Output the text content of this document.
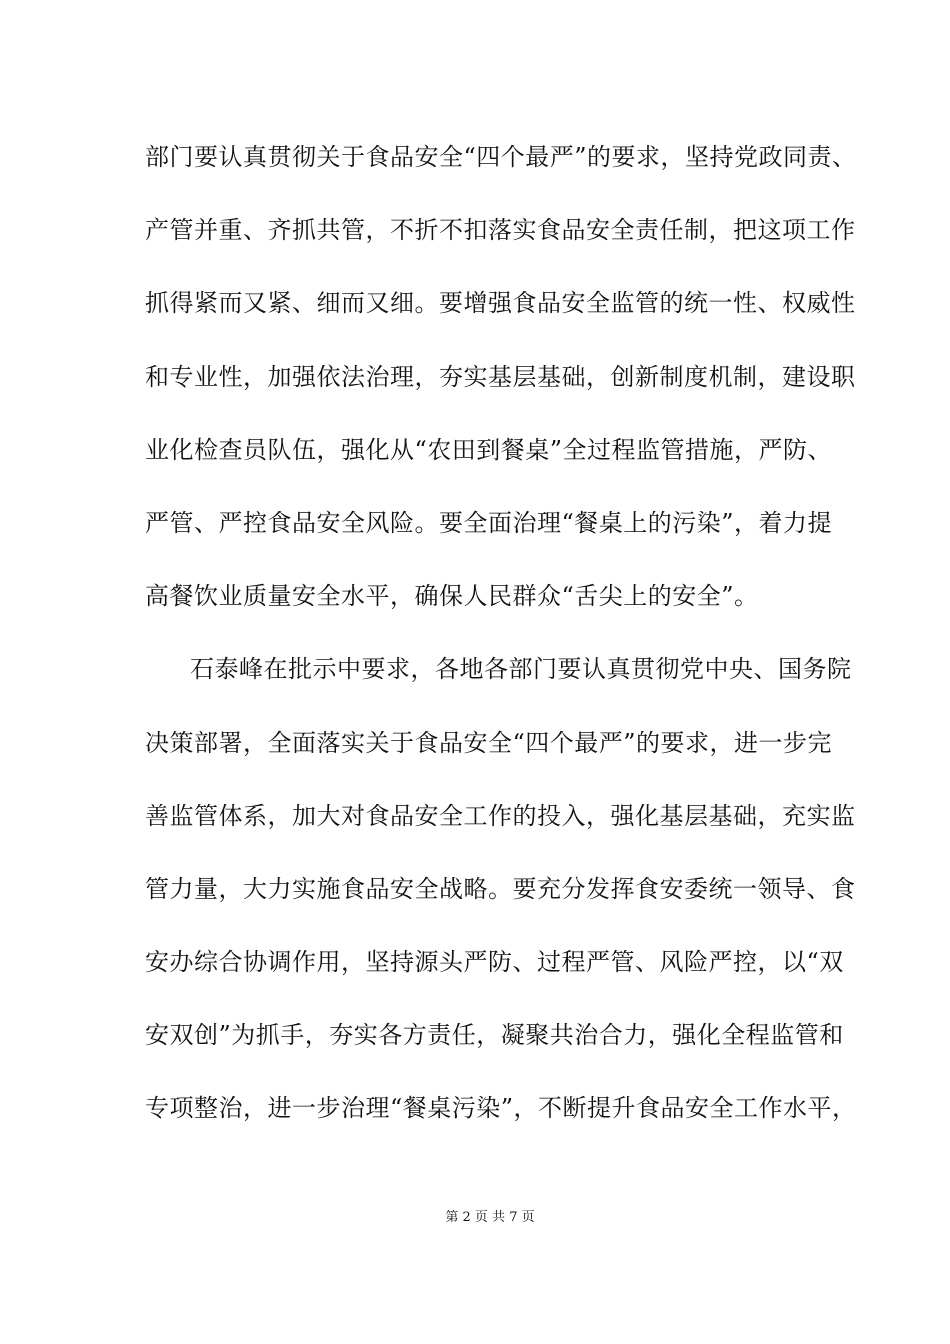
部门要认真贯彻关于食品安全“四个最严”的要求，坚持党政同责、
产管并重、齐抓共管，不折不扣落实食品安全责任制，把这项工作
抓得紧而又紧、细而又细。要增强食品安全监管的统一性、权威性
和专业性，加强依法治理，夯实基层基础，创新制度机制，建设职
业化检查员队伍，强化从“农田到餐桌”全过程监管措施，严防、
严管、严控食品安全风险。要全面治理“餐桌上的污染”，着力提
高餐饮业质量安全水平，确保人民群众“舌尖上的安全”。
石泰峰在批示中要求，各地各部门要认真贯彻党中央、国务院
决策部署，全面落实关于食品安全“四个最严”的要求，进一步完
善监管体系，加大对食品安全工作的投入，强化基层基础，充实监
管力量，大力实施食品安全战略。要充分发挥食安委统一领导、食
安办综合协调作用，坚持源头严防、过程严管、风险严控，以“双
安双创”为抓手，夯实各方责任，凝聚共治合力，强化全程监管和
专项整治，进一步治理“餐桌污染”，不断提升食品安全工作水平，
第 2 页 共 7 页
